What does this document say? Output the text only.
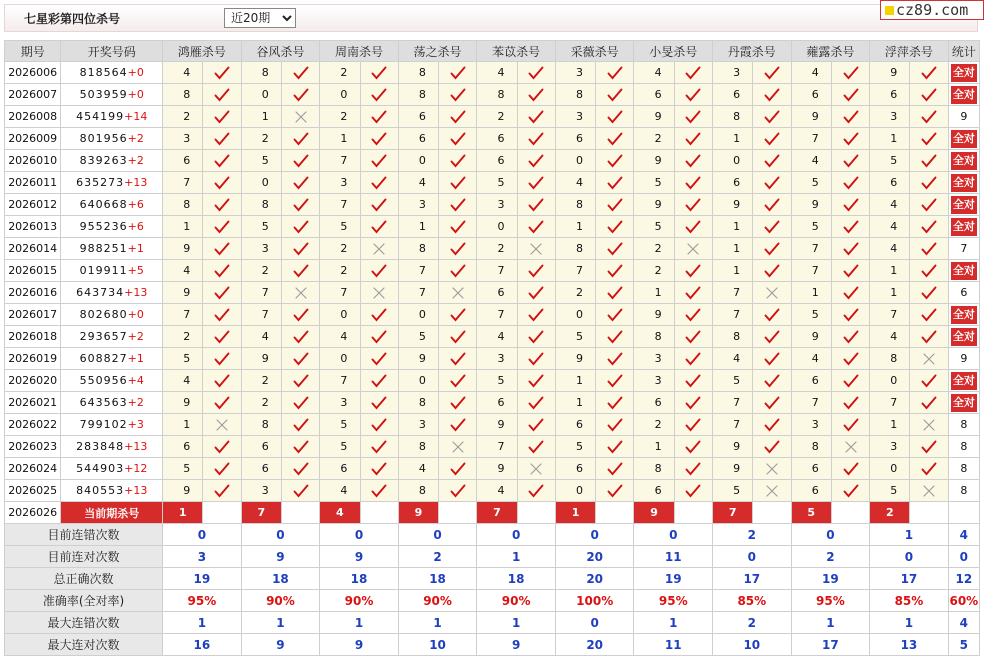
七星彩第四位杀号
近20期	cz89.com
期号	开奖号码	鸿雁杀号		谷风杀号		周南杀号		荡之杀号		苯苡杀号		采薇杀号		小旻杀号		丹霞杀号		蕹露杀号		浮萍杀号		统计
2026006	818564+0	4		8		2		8		4		3		4		3		4		9		全对
2026007	503959+0	8		0		0		8		8		8		6		6		6		6		全对
2026008	454199+14	2		1		2		6		2		3		9		8		9		3		9
2026009	801956+2	3		2		1		6		6		6		2		1		7		1		全对
2026010	839263+2	6		5		7		0		6		0		9		0		4		5		全对
2026011	635273+13	7		0		3		4		5		4		5		6		5		6		全对
2026012	640668+6	8		8		7		3		3		8		9		9		9		4		全对
2026013	955236+6	1		5		5		1		0		1		5		1		5		4		全对
2026014	988251+1	9		3		2		8		2		8		2		1		7		4		7
2026015	019911+5	4		2		2		7		7		7		2		1		7		1		全对
2026016	643734+13	9		7		7		7		6		2		1		7		1		1		6
2026017	802680+0	7		7		0		0		7		0		9		7		5		7		全对
2026018	293657+2	2		4		4		5		4		5		8		8		9		4		全对
2026019	608827+1	5		9		0		9		3		9		3		4		4		8		9
2026020	550956+4	4		2		7		0		5		1		3		5		6		0		全对
2026021	643563+2	9		2		3		8		6		1		6		7		7		7		全对
2026022	799102+3	1		8		5		3		9		6		2		7		3		1		8
2026023	283848+13	6		6		5		8		7		5		1		9		8		3		8
2026024	544903+12	5		6		6		4		9		6		8		9		6		0		8
2026025	840553+13	9		3		4		8		4		0		6		5		6		5		8
2026026	当前期杀号	1		7		4		9		7		1		9		7		5		2		
目前连错次数		0		0		0		0		0		0		0		2		0		1		4
目前连对次数		3		9		9		2		1		20		11		0		2		0		0
总正确次数		19		18		18		18		18		20		19		17		19		17		12
准确率(全对率)		95%		90%		90%		90%		90%		100%		95%		85%		95%		85%		60%
最大连错次数		1		1		1		1		1		0		1		2		1		1		4
最大连对次数		16		9		9		10		9		20		11		10		17		13		5
